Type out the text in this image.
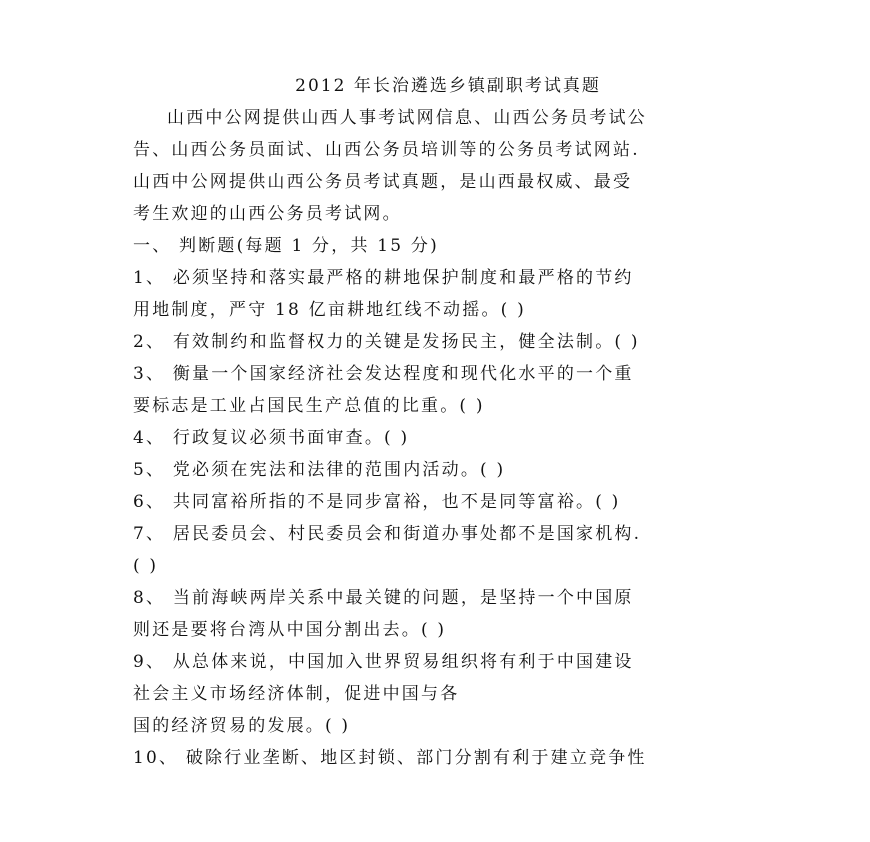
2012 年长治遴选乡镇副职考试真题
山西中公网提供山西人事考试网信息、山西公务员考试公
告、山西公务员面试、山西公务员培训等的公务员考试网站.
山西中公网提供山西公务员考试真题，是山西最权威、最受
考生欢迎的山西公务员考试网。
一、 判断题(每题 1 分，共 15 分)
1、 必须坚持和落实最严格的耕地保护制度和最严格的节约
用地制度，严守 18 亿亩耕地红线不动摇。( )
2、 有效制约和监督权力的关键是发扬民主，健全法制。( )
3、 衡量一个国家经济社会发达程度和现代化水平的一个重
要标志是工业占国民生产总值的比重。( )
4、 行政复议必须书面审查。( )
5、 党必须在宪法和法律的范围内活动。( )
6、 共同富裕所指的不是同步富裕，也不是同等富裕。( )
7、 居民委员会、村民委员会和街道办事处都不是国家机构.
( )
8、 当前海峡两岸关系中最关键的问题，是坚持一个中国原
则还是要将台湾从中国分割出去。( )
9、 从总体来说，中国加入世界贸易组织将有利于中国建设
社会主义市场经济体制，促进中国与各
国的经济贸易的发展。( )
10、 破除行业垄断、地区封锁、部门分割有利于建立竞争性
